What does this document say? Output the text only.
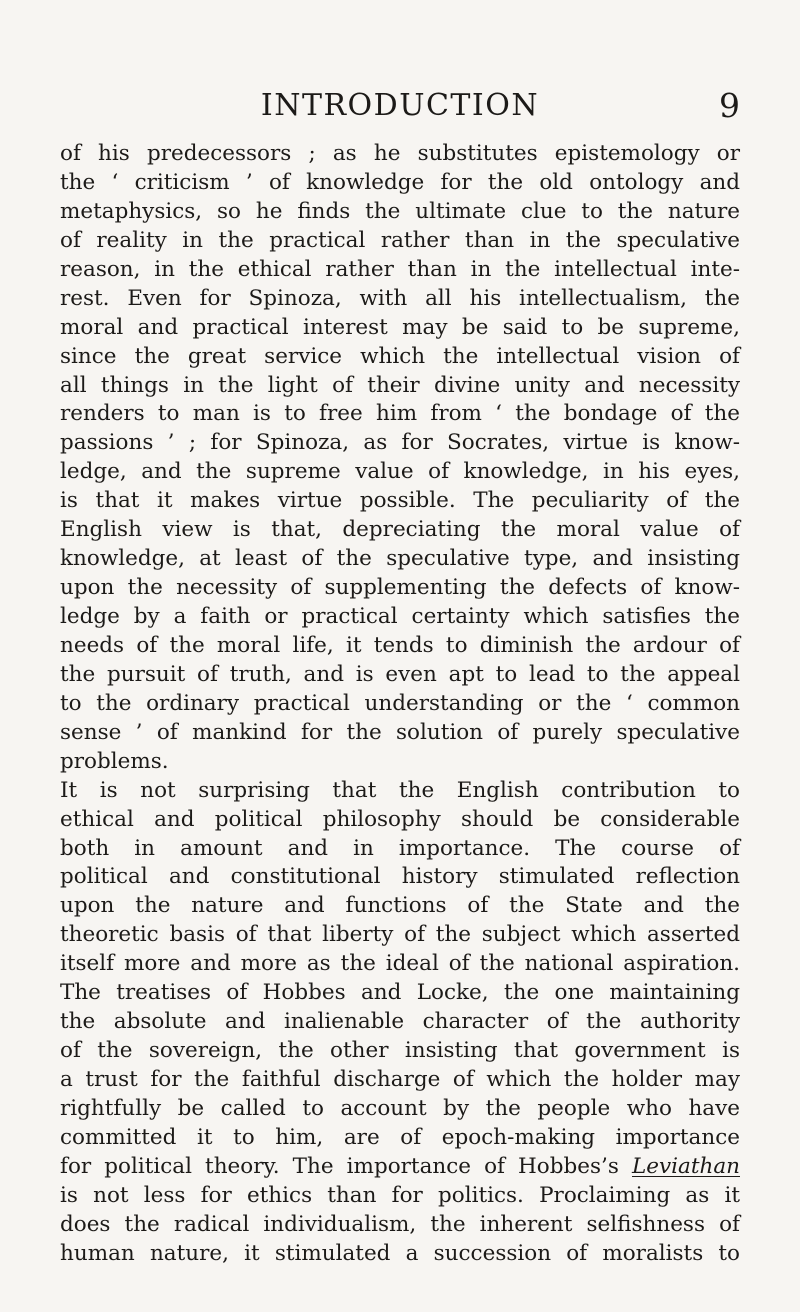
INTRODUCTION	9
of his predecessors ; as he substitutes epistemology or
the ‘ criticism ’ of knowledge for the old ontology and
metaphysics, so he finds the ultimate clue to the nature
of reality in the practical rather than in the speculative
reason, in the ethical rather than in the intellectual inte-
rest. Even for Spinoza, with all his intellectualism, the
moral and practical interest may be said to be supreme,
since the great service which the intellectual vision of
all things in the light of their divine unity and necessity
renders to man is to free him from ‘ the bondage of the
passions ’ ; for Spinoza, as for Socrates, virtue is know-
ledge, and the supreme value of knowledge, in his eyes,
is that it makes virtue possible. The peculiarity of the
English view is that, depreciating the moral value of
knowledge, at least of the speculative type, and insisting
upon the necessity of supplementing the defects of know-
ledge by a faith or practical certainty which satisfies the
needs of the moral life, it tends to diminish the ardour of
the pursuit of truth, and is even apt to lead to the appeal
to the ordinary practical understanding or the ‘ common
sense ’ of mankind for the solution of purely speculative
problems.
It is not surprising that the English contribution to
ethical and political philosophy should be considerable
both in amount and in importance. The course of
political and constitutional history stimulated reflection
upon the nature and functions of the State and the
theoretic basis of that liberty of the subject which asserted
itself more and more as the ideal of the national aspiration.
The treatises of Hobbes and Locke, the one maintaining
the absolute and inalienable character of the authority
of the sovereign, the other insisting that government is
a trust for the faithful discharge of which the holder may
rightfully be called to account by the people who have
committed it to him, are of epoch-making importance
for political theory. The importance of Hobbes’s Leviathan
is not less for ethics than for politics. Proclaiming as it
does the radical individualism, the inherent selfishness of
human nature, it stimulated a succession of moralists to
